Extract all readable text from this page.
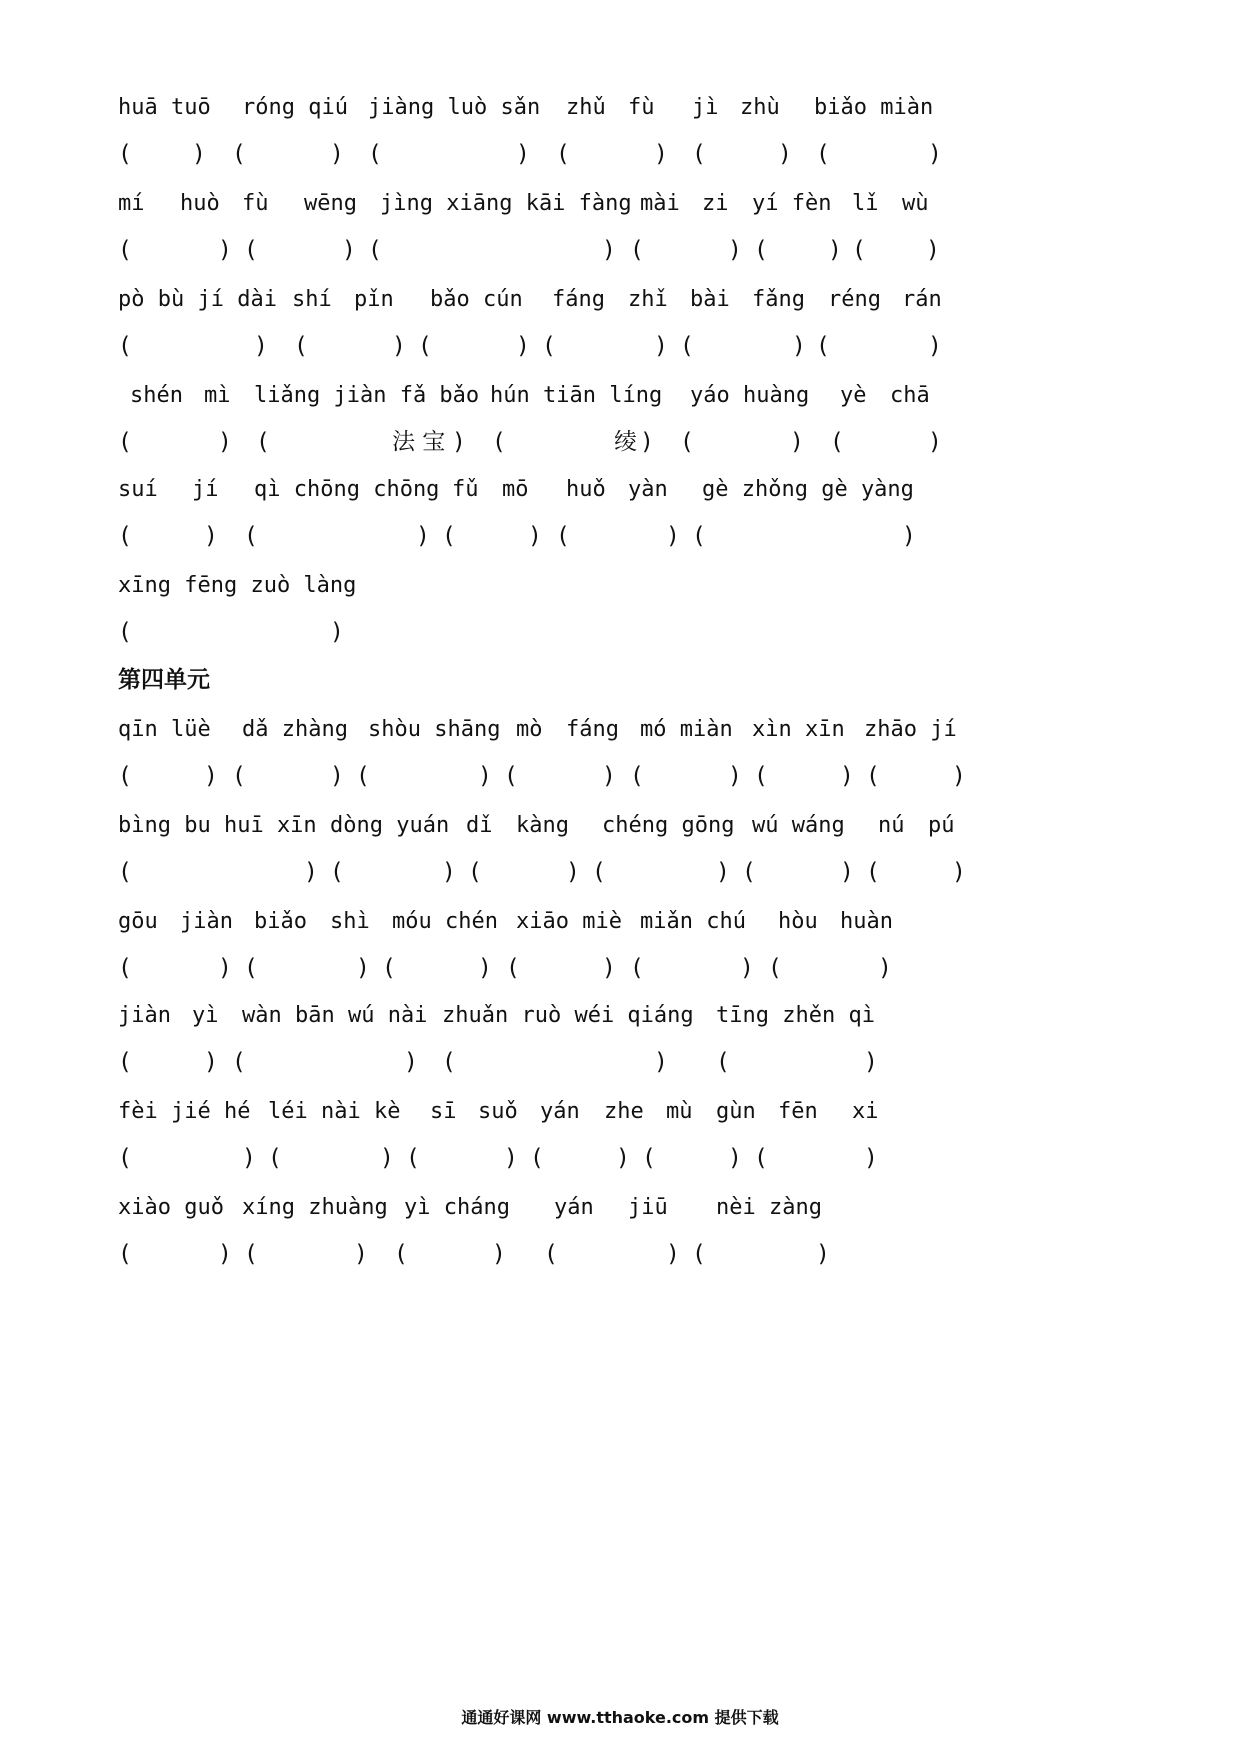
huā tuō róng qiú jiàng luò sǎn zhǔ fù jì zhù biǎo miàn
(	) (	) (	) (	) (	) (	)
mí huò fù wēng jìng xiāng kāi fàng mài zi yí fèn lǐ wù
(	) (	) (	) (	) (	) (	)
pò bù jí dài shí pǐn bǎo cún fáng zhǐ bài fǎng réng rán
(	) (	) (	) (	) (	) (	)
shén mì liǎng jiàn fǎ bǎo hún tiān líng yáo huàng yè chā
(	) (	法 宝 ) (	绫 ) (	) (	)
suí jí qì chōng chōng fǔ mō huǒ yàn gè zhǒng gè yàng
(	) (	) (	) (	) (	)
xīng fēng zuò làng
(	)
第四单元
qīn lüè dǎ zhàng shòu shāng mò fáng mó miàn xìn xīn zhāo jí
(	) (	) (	) (	) (	) (	) (	)
bìng bu huī xīn dòng yuán dǐ kàng chéng gōng wú wáng nú pú
(	) (	) (	) (	) (	) (	)
gōu jiàn biǎo shì móu chén xiāo miè miǎn chú hòu huàn
(	) (	) (	) (	) (	) (	)
jiàn yì wàn bān wú nài zhuǎn ruò wéi qiáng tīng zhěn qì
(	) (	) (	) (	)
fèi jié hé léi nài kè sī suǒ yán zhe mù gùn fēn xi
(	) (	) (	) (	) (	) (	)
xiào guǒ xíng zhuàng yì cháng yán jiū nèi zàng
(	) (	) (	) (	) (	)
通通好课网 www.tthaoke.com 提供下载
